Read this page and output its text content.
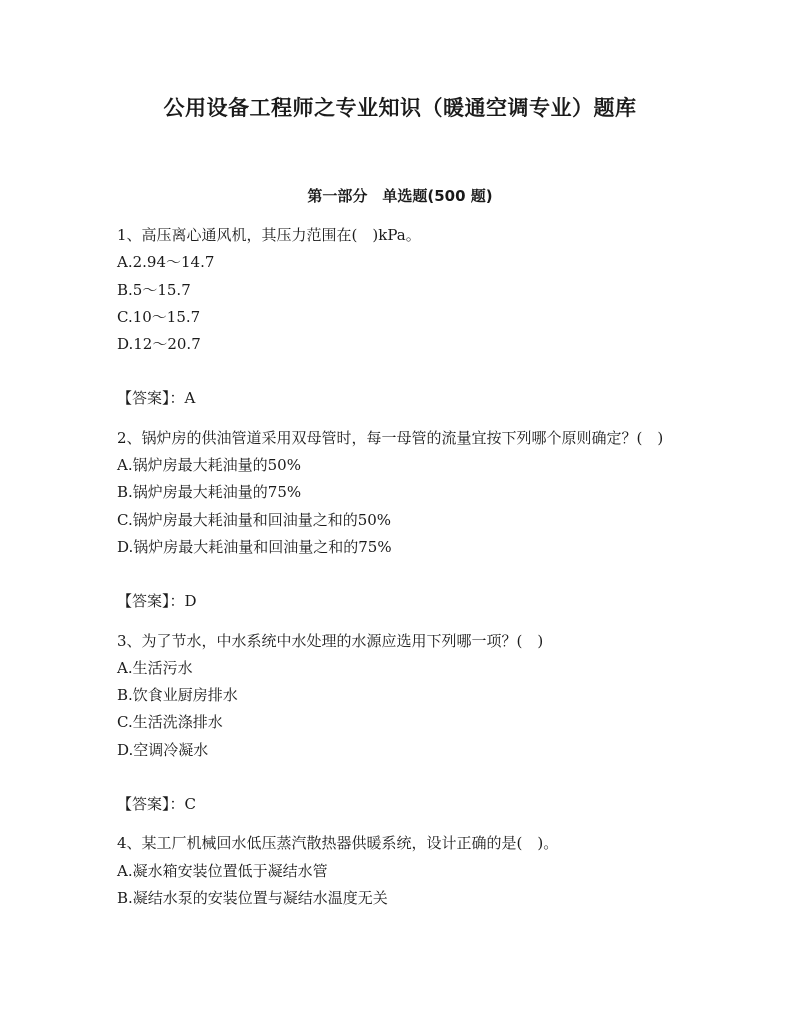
公用设备工程师之专业知识（暖通空调专业）题库
第一部分　单选题(500 题)
1、高压离心通风机，其压力范围在(　)kPa。
A.2.94～14.7
B.5～15.7
C.10～15.7
D.12～20.7
【答案】：A
2、锅炉房的供油管道采用双母管时，每一母管的流量宜按下列哪个原则确定？(　)
A.锅炉房最大耗油量的50%
B.锅炉房最大耗油量的75%
C.锅炉房最大耗油量和回油量之和的50%
D.锅炉房最大耗油量和回油量之和的75%
【答案】：D
3、为了节水，中水系统中水处理的水源应选用下列哪一项？(　)
A.生活污水
B.饮食业厨房排水
C.生活洗涤排水
D.空调冷凝水
【答案】：C
4、某工厂机械回水低压蒸汽散热器供暖系统，设计正确的是(　)。
A.凝水箱安装位置低于凝结水管
B.凝结水泵的安装位置与凝结水温度无关
